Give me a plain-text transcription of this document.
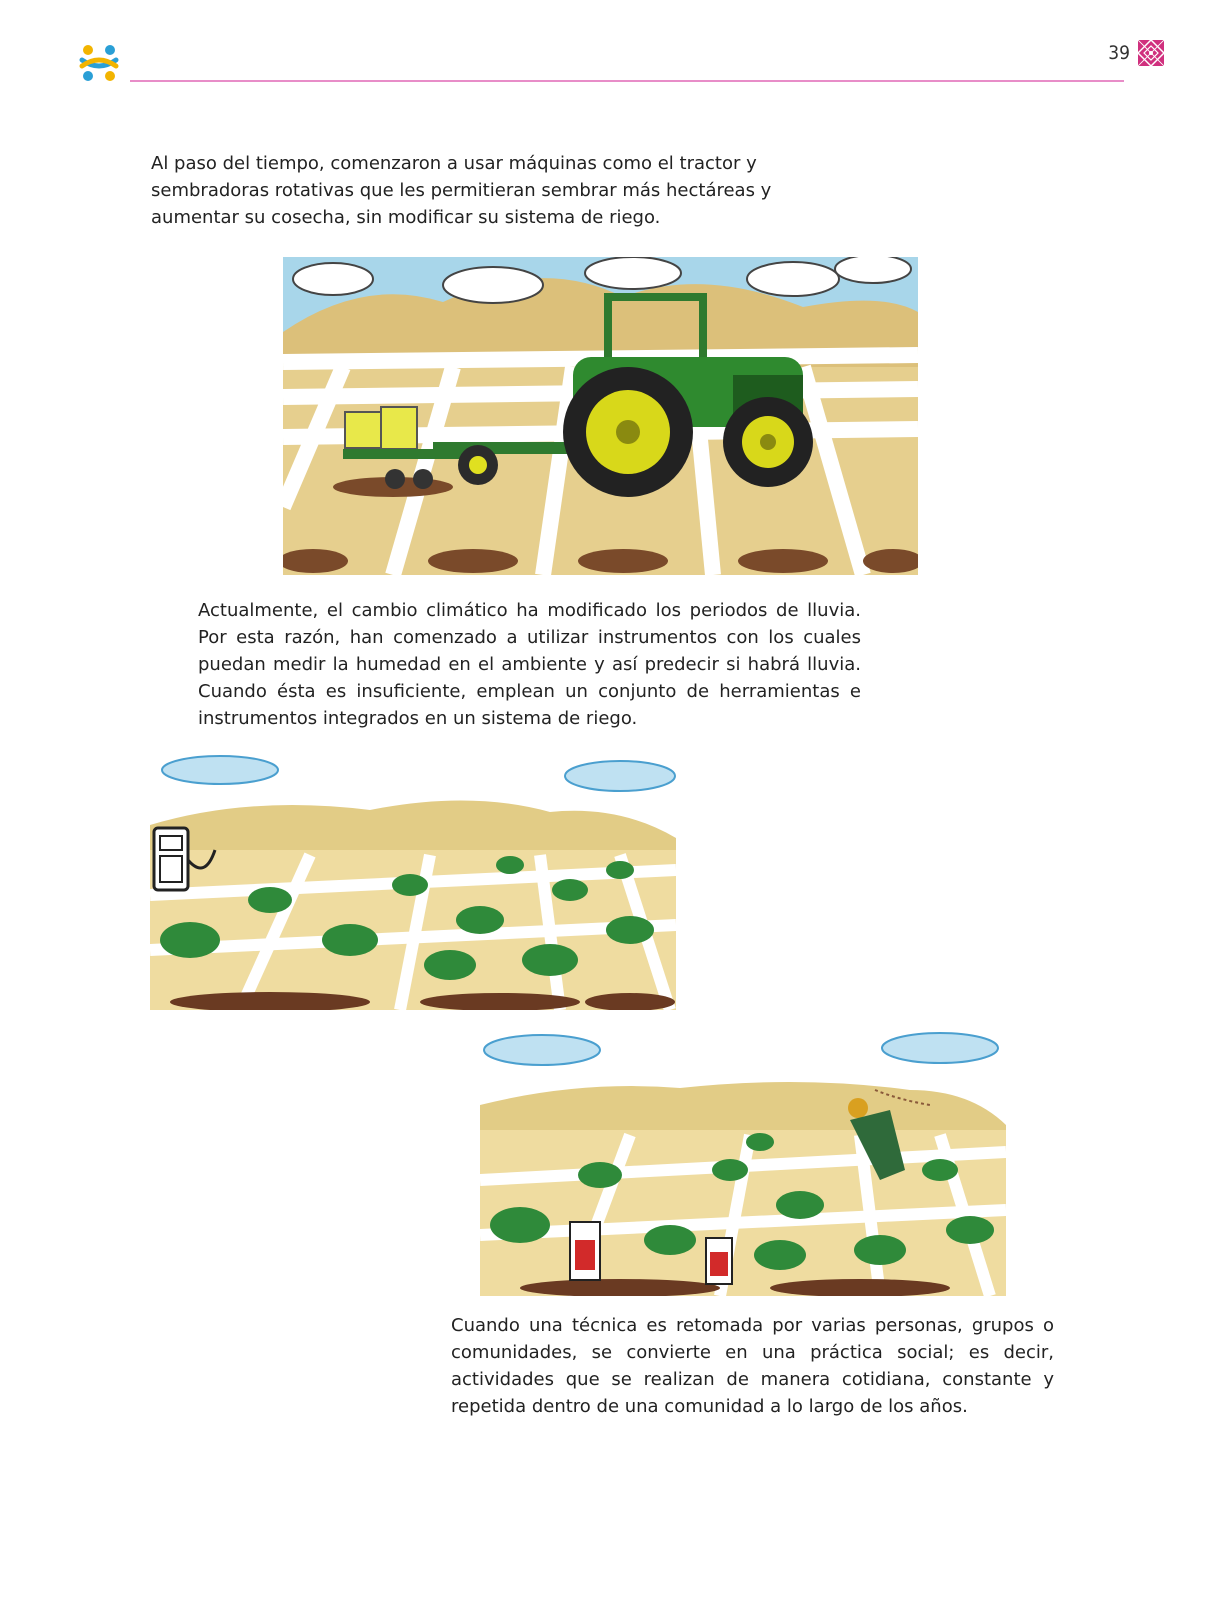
39

Al paso del tiempo, comenzaron a usar máquinas como el tractor y sembradoras rotativas que les permitieran sembrar más hectáreas y aumentar su cosecha, sin modificar su sistema de riego.

Actualmente, el cambio climático ha modificado los periodos de lluvia. Por esta razón, han comenzado a utilizar instrumentos con los cuales puedan medir la humedad en el ambiente y así predecir si habrá lluvia. Cuando ésta es insuficiente, emplean un conjunto de herramientas e instrumentos integrados en un sistema de riego.

Cuando una técnica es retomada por varias personas, grupos o comunidades, se convierte en una práctica social; es decir, actividades que se realizan de manera cotidiana, constante y repetida dentro de una comunidad a lo largo de los años.
